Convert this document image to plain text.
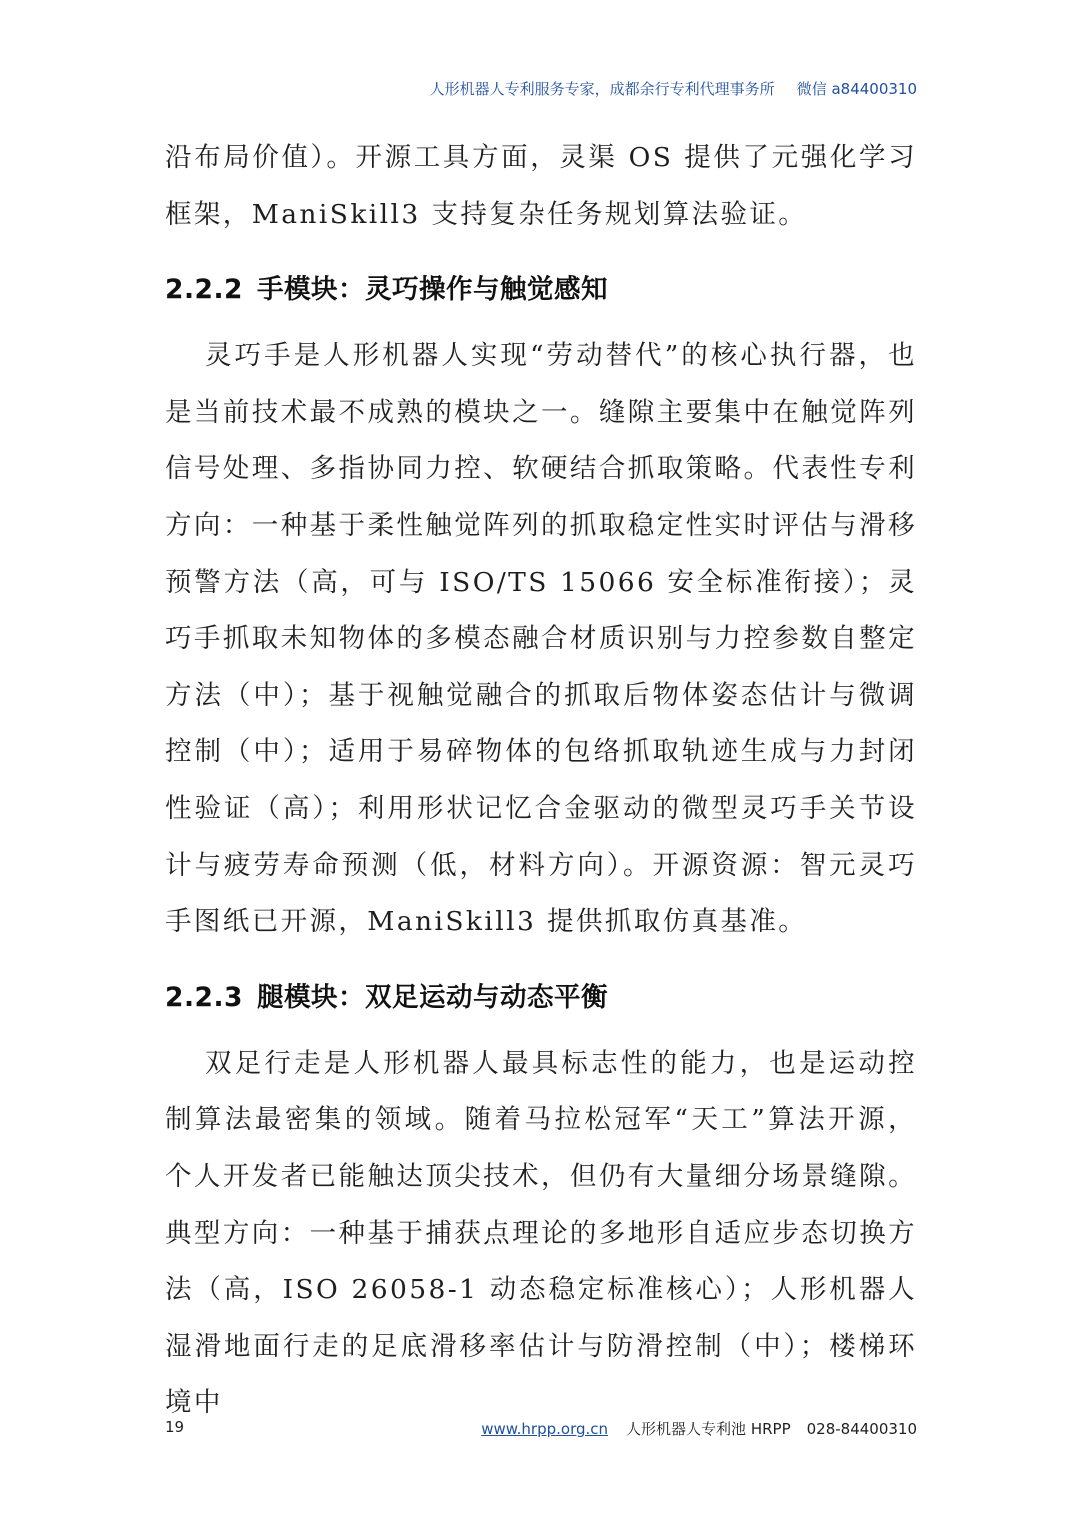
人形机器人专利服务专家，成都余行专利代理事务所 微信 a84400310

沿布局价值）。开源工具方面，灵渠 OS 提供了元强化学习框架，ManiSkill3 支持复杂任务规划算法验证。

2.2.2 手模块：灵巧操作与触觉感知

灵巧手是人形机器人实现“劳动替代”的核心执行器，也是当前技术最不成熟的模块之一。缝隙主要集中在触觉阵列信号处理、多指协同力控、软硬结合抓取策略。代表性专利方向：一种基于柔性触觉阵列的抓取稳定性实时评估与滑移预警方法（高，可与 ISO/TS 15066 安全标准衔接）；灵巧手抓取未知物体的多模态融合材质识别与力控参数自整定方法（中）；基于视触觉融合的抓取后物体姿态估计与微调控制（中）；适用于易碎物体的包络抓取轨迹生成与力封闭性验证（高）；利用形状记忆合金驱动的微型灵巧手关节设计与疲劳寿命预测（低，材料方向）。开源资源：智元灵巧手图纸已开源，ManiSkill3 提供抓取仿真基准。

2.2.3 腿模块：双足运动与动态平衡

双足行走是人形机器人最具标志性的能力，也是运动控制算法最密集的领域。随着马拉松冠军“天工”算法开源，个人开发者已能触达顶尖技术，但仍有大量细分场景缝隙。典型方向：一种基于捕获点理论的多地形自适应步态切换方法（高，ISO 26058-1 动态稳定标准核心）；人形机器人湿滑地面行走的足底滑移率估计与防滑控制（中）；楼梯环境中

19	www.hrpp.org.cn 人形机器人专利池 HRPP 028-84400310
